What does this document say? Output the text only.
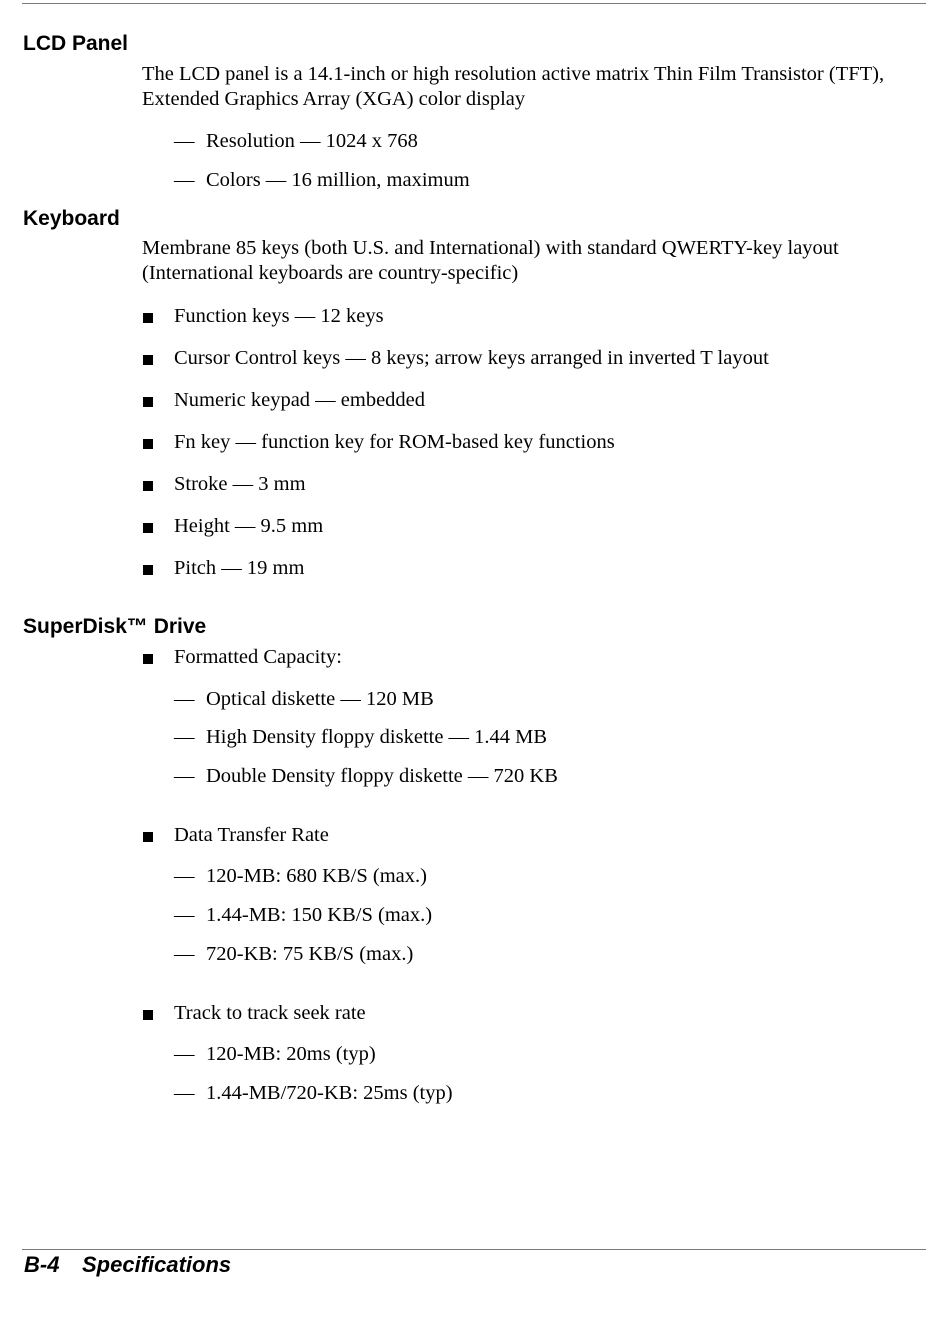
LCD Panel

The LCD panel is a 14.1-inch or high resolution active matrix Thin Film Transistor (TFT), Extended Graphics Array (XGA) color display

— Resolution — 1024 x 768
— Colors — 16 million, maximum
Keyboard

Membrane 85 keys (both U.S. and International) with standard QWERTY-key layout (International keyboards are country-specific)

Function keys — 12 keys
Cursor Control keys — 8 keys; arrow keys arranged in inverted T layout
Numeric keypad — embedded
Fn key — function key for ROM-based key functions
Stroke — 3 mm
Height — 9.5 mm
Pitch — 19 mm
SuperDisk™ Drive
Formatted Capacity:
— Optical diskette — 120 MB
— High Density floppy diskette — 1.44 MB
— Double Density floppy diskette — 720 KB
Data Transfer Rate
— 120-MB: 680 KB/S (max.)
— 1.44-MB: 150 KB/S (max.)
— 720-KB: 75 KB/S (max.)
Track to track seek rate
— 120-MB: 20ms (typ)
— 1.44-MB/720-KB: 25ms (typ)
B-4 Specifications
